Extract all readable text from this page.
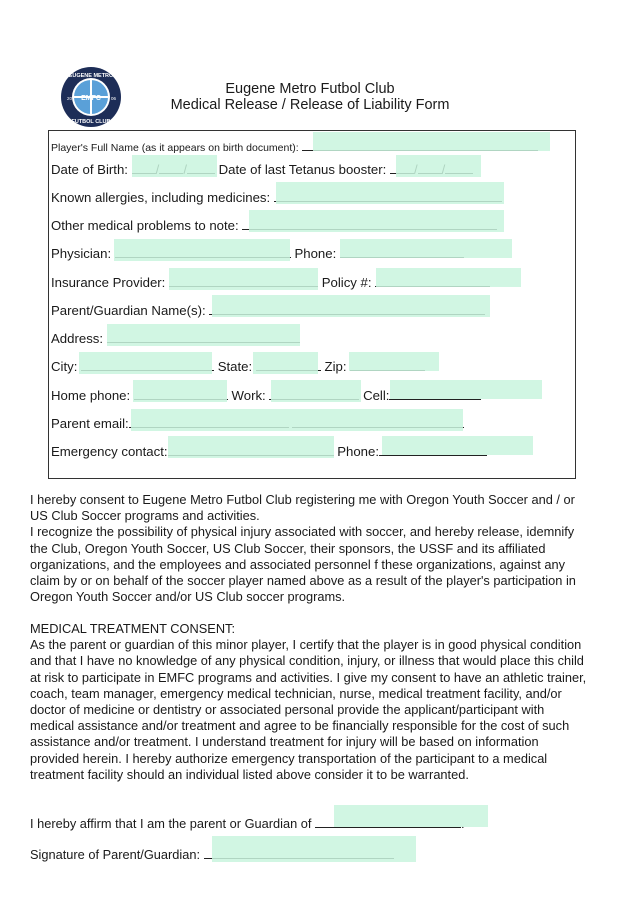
EUGENE METRO
FUTBOL CLUB
EMFC
20	06
Eugene Metro Futbol Club
Medical Release / Release of Liability Form
Player's Full Name (as it appears on birth document):
Date of Birth:	Date of last Tetanus booster:
Known allergies, including medicines:
Other medical problems to note:
Physician:	Phone:
Insurance Provider:	Policy #:
Parent/Guardian Name(s):
Address:
City:	State:	Zip:
Home phone:	Work:	Cell:
Parent email:
Emergency contact:	Phone:

I hereby consent to Eugene Metro Futbol Club registering me with Oregon Youth Soccer and / or US Club Soccer programs and activities.

I recognize the possibility of physical injury associated with soccer, and hereby release, idemnify the Club, Oregon Youth Soccer, US Club Soccer, their sponsors, the USSF and its affiliated organizations, and the employees and associated personnel f these organizations, against any claim by or on behalf of the soccer player named above as a result of the player's participation in Oregon Youth Soccer and/or US Club soccer programs.

MEDICAL TREATMENT CONSENT:

As the parent or guardian of this minor player, I certify that the player is in good physical condition and that I have no knowledge of any physical condition, injury, or illness that would place this child at risk to participate in EMFC programs and activities. I give my consent to have an athletic trainer, coach, team manager, emergency medical technician, nurse, medical treatment facility, and/or doctor of medicine or dentistry or associated personal provide the applicant/participant with medical assistance and/or treatment and agree to be financially responsible for the cost of such assistance and/or treatment. I understand treatment for injury will be based on information provided herein. I hereby authorize emergency transportation of the participant to a medical treatment facility should an individual listed above consider it to be warranted.

I hereby affirm that I am the parent or Guardian of
Signature of Parent/Guardian:
